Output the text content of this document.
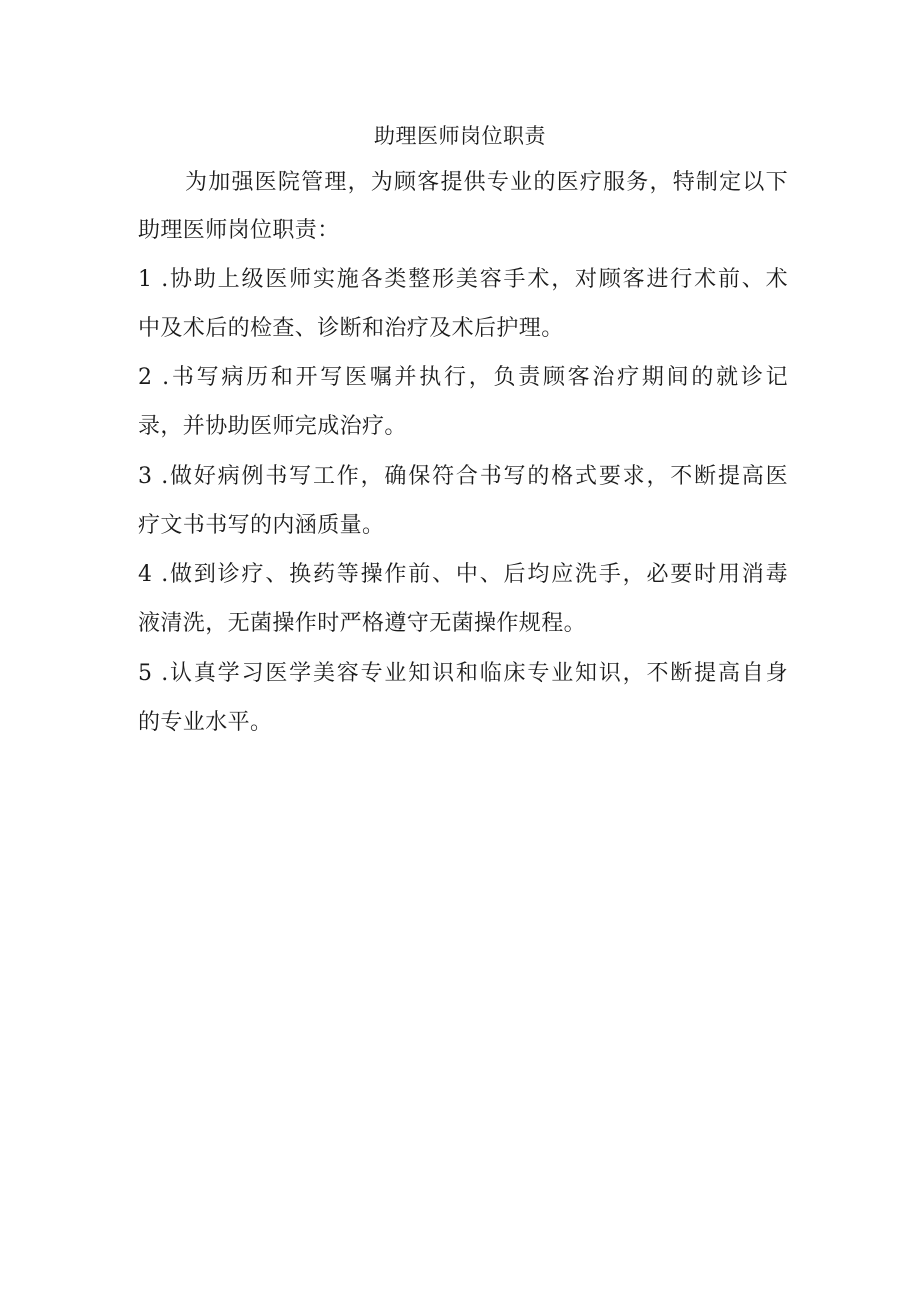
助理医师岗位职责
为加强医院管理，为顾客提供专业的医疗服务，特制定以下
助理医师岗位职责：
1 .协助上级医师实施各类整形美容手术，对顾客进行术前、术
中及术后的检查、诊断和治疗及术后护理。
2 .书写病历和开写医嘱并执行，负责顾客治疗期间的就诊记
录，并协助医师完成治疗。
3 .做好病例书写工作，确保符合书写的格式要求，不断提高医
疗文书书写的内涵质量。
4 .做到诊疗、换药等操作前、中、后均应洗手，必要时用消毒
液清洗，无菌操作时严格遵守无菌操作规程。
5 .认真学习医学美容专业知识和临床专业知识，不断提高自身
的专业水平。
